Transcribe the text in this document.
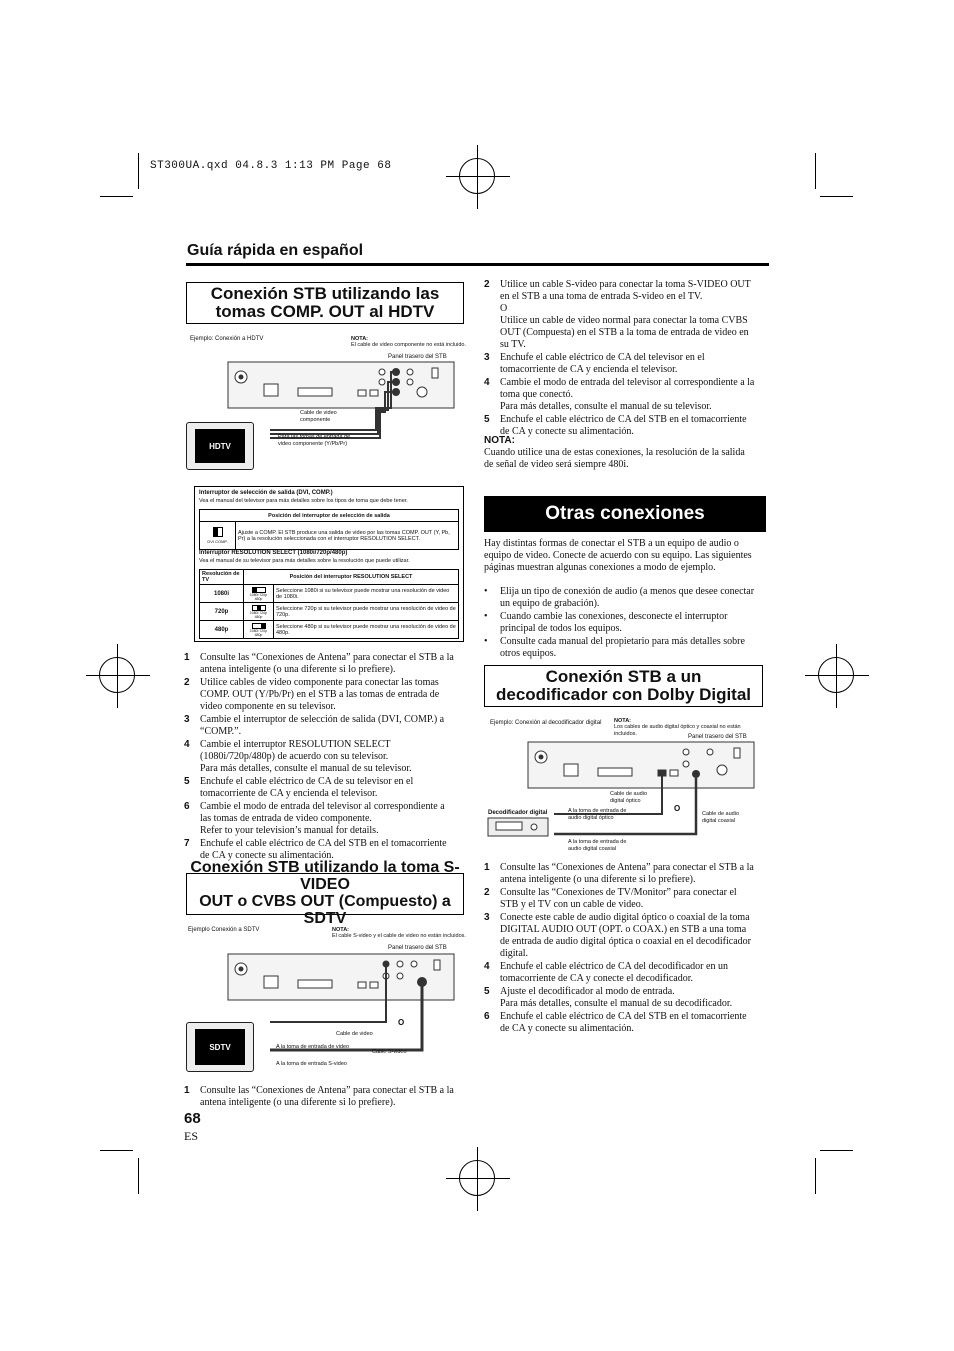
ST300UA.qxd 04.8.3 1:13 PM Page 68
Guía rápida en español
Conexión STB utilizando las
tomas COMP. OUT al HDTV
Ejemplo: Conexión a HDTV	NOTA:
El cable de video componente no está incluido.
Panel trasero del STB
Cable de video componente
Para las tomas de entrada de video componente (Y/Pb/Pr)
HDTV
Interruptor de selección de salida (DVI, COMP.)
Vea el manual del televisor para más detalles sobre los tipos de toma que debe tener.
Posición del interruptor de selección de salida

DVI COMP.
	Ajuste a COMP. El STB produce una salida de video por las tomas COMP. OUT (Y, Pb, Pr) a la resolución seleccionada con el interruptor RESOLUTION SELECT.
Interruptor RESOLUTION SELECT (1080i/720p/480p)
Vea el manual de su televisor para más detalles sobre la resolución que puede utilizar.
Resolución de TV	Posición del interruptor RESOLUTION SELECT	
1080i	1080i 720p 480p	Seleccione 1080i si su televisor puede mostrar una resolución de video de 1080i.
720p	1080i 720p 480p	Seleccione 720p si su televisor puede mostrar una resolución de video de 720p.
480p	1080i 720p 480p	Seleccione 480p si su televisor puede mostrar una resolución de video de 480p.
1	Consulte las “Conexiones de Antena” para conectar el STB a la
antena inteligente (o una diferente si lo prefiere).
2	Utilice cables de video componente para conectar las tomas
COMP. OUT (Y/Pb/Pr) en el STB a las tomas de entrada de
video componente en su televisor.
3	Cambie el interruptor de selección de salida (DVI, COMP.) a
“COMP.”.
4	Cambie el interruptor RESOLUTION SELECT
(1080i/720p/480p) de acuerdo con su televisor.
Para más detalles, consulte el manual de su televisor.
5	Enchufe el cable eléctrico de CA de su televisor en el
tomacorriente de CA y encienda el televisor.
6	Cambie el modo de entrada del televisor al correspondiente a
las tomas de entrada de video componente.
Refer to your television’s manual for details.
7	Enchufe el cable eléctrico de CA del STB en el tomacorriente
de CA y conecte su alimentación.
Conexión STB utilizando la toma S-VIDEO
OUT o CVBS OUT (Compuesto) a SDTV
Ejemplo Conexión a SDTV	NOTA:
El cable S-video y el cable de video no están incluidos.
Panel trasero del STB
O
Cable de video
A la toma de entrada de video
Cable S-video
A la toma de entrada S-video
SDTV
1	Consulte las “Conexiones de Antena” para conectar el STB a la
antena inteligente (o una diferente si lo prefiere).
68
ES
2	Utilice un cable S-video para conectar la toma S-VIDEO OUT
en el STB a una toma de entrada S-video en el TV.
O
Utilice un cable de video normal para conectar la toma CVBS
OUT (Compuesta) en el STB a la toma de entrada de video en
su TV.
3	Enchufe el cable eléctrico de CA del televisor en el
tomacorriente de CA y encienda el televisor.
4	Cambie el modo de entrada del televisor al correspondiente a la
toma que conectó.
Para más detalles, consulte el manual de su televisor.
5	Enchufe el cable eléctrico de CA del STB en el tomacorriente
de CA y conecte su alimentación.
NOTA:
Cuando utilice una de estas conexiones, la resolución de la salida
de señal de video será siempre 480i.
Otras conexiones
Hay distintas formas de conectar el STB a un equipo de audio o
equipo de video. Conecte de acuerdo con su equipo. Las siguientes
páginas muestran algunas conexiones a modo de ejemplo.
•	Elija un tipo de conexión de audio (a menos que desee conectar
un equipo de grabación).
•	Cuando cambie las conexiones, desconecte el interruptor
principal de todos los equipos.
•	Consulte cada manual del propietario para más detalles sobre
otros equipos.
Conexión STB a un
decodificador con Dolby Digital
Ejemplo: Conexión al decodificador digital NOTA:
Los cables de audio digital óptico y coaxial no están incluidos.
Panel trasero del STB
O
Cable de audio digital óptico
Cable de audio digital coaxial
Decodificador digital	A la toma de entrada de audio digital óptico
A la toma de entrada de audio digital coaxial
1	Consulte las “Conexiones de Antena” para conectar el STB a la
antena inteligente (o una diferente si lo prefiere).
2	Consulte las “Conexiones de TV/Monitor” para conectar el
STB y el TV con un cable de video.
3	Conecte este cable de audio digital óptico o coaxial de la toma
DIGITAL AUDIO OUT (OPT. o COAX.) en STB a una toma
de entrada de audio digital óptica o coaxial en el decodificador
digital.
4	Enchufe el cable eléctrico de CA del decodificador en un
tomacorriente de CA y conecte el decodificador.
5	Ajuste el decodificador al modo de entrada.
Para más detalles, consulte el manual de su decodificador.
6	Enchufe el cable eléctrico de CA del STB en el tomacorriente
de CA y conecte su alimentación.
